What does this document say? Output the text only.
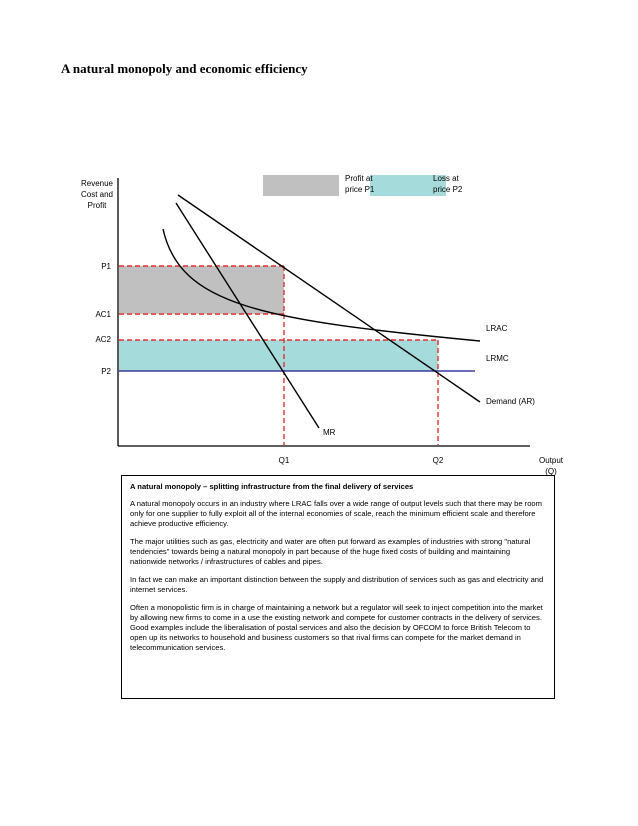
A natural monopoly and economic efficiency
Profit at
price P1
Loss at
price P2
Revenue
Cost and
Profit
Output
(Q)
P1
AC1
AC2
P2
Q1	Q2
LRAC
LRMC
Demand (AR)
MR
A natural monopoly – splitting infrastructure from the final delivery of services

A natural monopoly occurs in an industry where LRAC falls over a wide range of output levels such that there may be room only for one supplier to fully exploit all of the internal economies of scale, reach the minimum efficient scale and therefore achieve productive efficiency.

The major utilities such as gas, electricity and water are often put forward as examples of industries with strong "natural tendencies" towards being a natural monopoly in part because of the huge fixed costs of building and maintaining nationwide networks / infrastructures of cables and pipes.

In fact we can make an important distinction between the supply and distribution of services such as gas and electricity and internet services.

Often a monopolistic firm is in charge of maintaining a network but a regulator will seek to inject competition into the market by allowing new firms to come in a use the existing network and compete for customer contracts in the delivery of services. Good examples include the liberalisation of postal services and also the decision by OFCOM to force British Telecom to open up its networks to household and business customers so that rival firms can compete for the market demand in telecommunication services.
